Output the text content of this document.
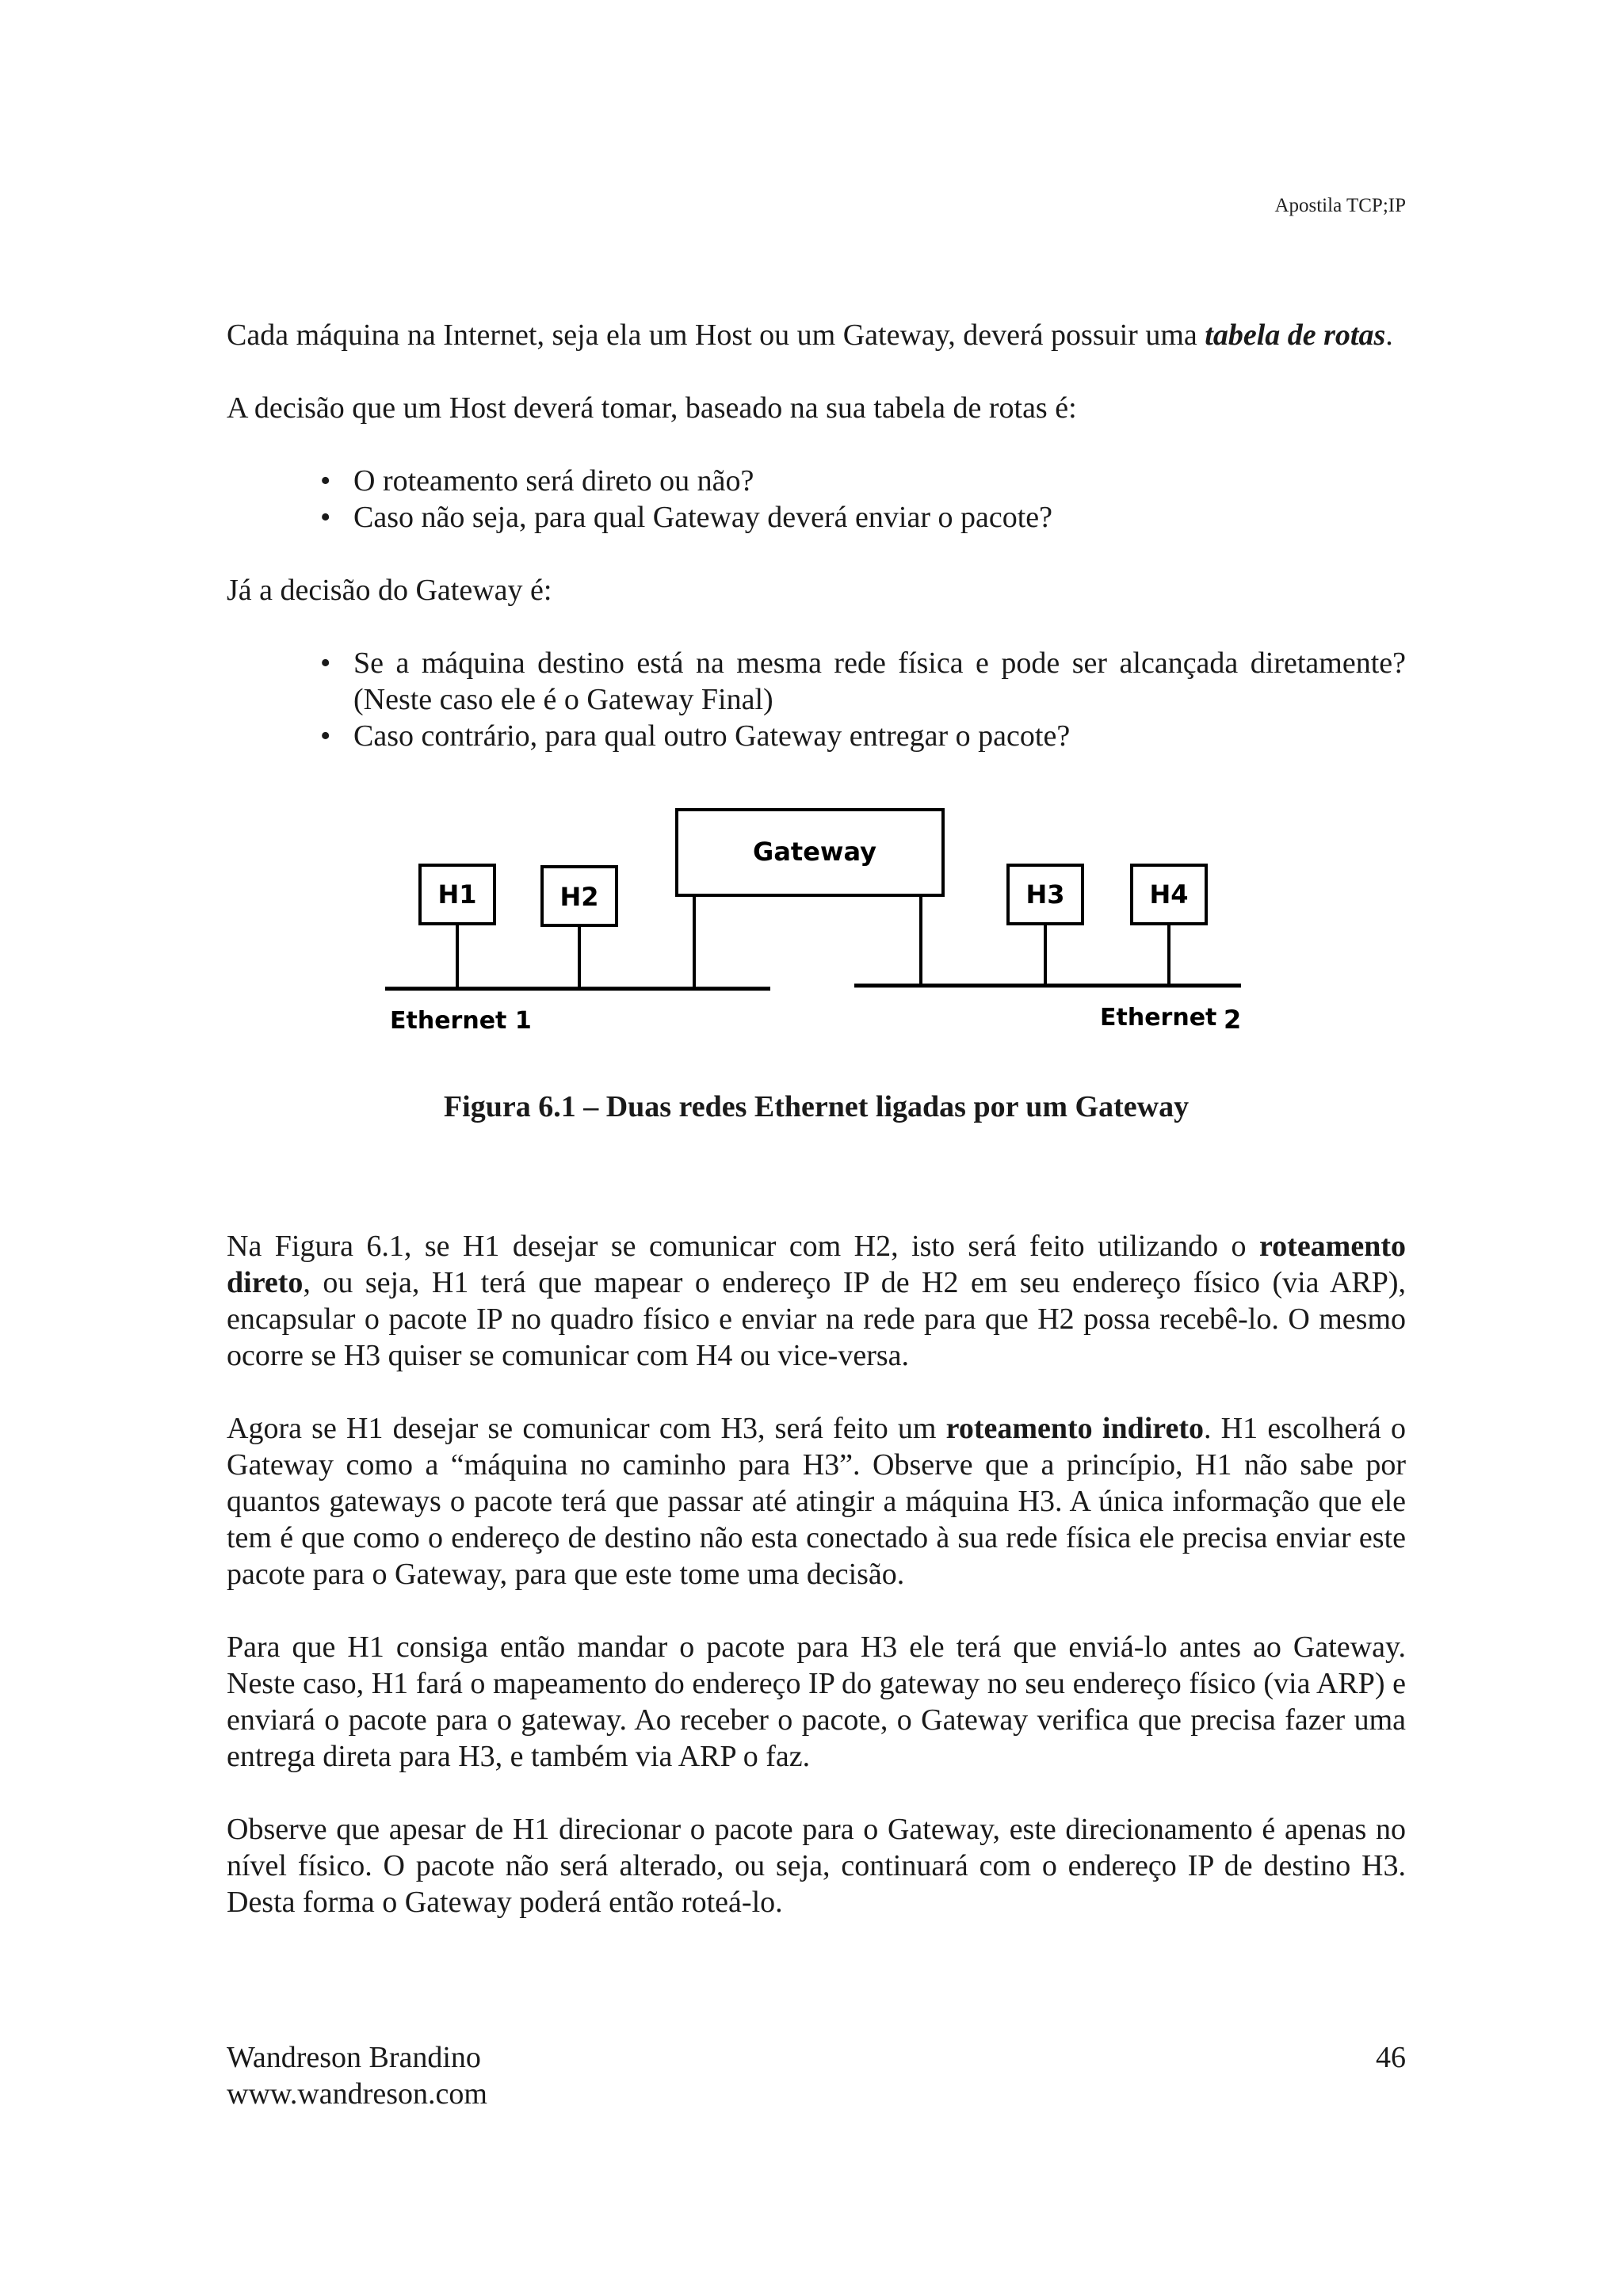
Apostila TCP;IP

Cada máquina na Internet, seja ela um Host ou um Gateway, deverá possuir uma tabela de rotas.

A decisão que um Host deverá tomar, baseado na sua tabela de rotas é:

• O roteamento será direto ou não?
• Caso não seja, para qual Gateway deverá enviar o pacote?

Já a decisão do Gateway é:

• Se a máquina destino está na mesma rede física e pode ser alcançada diretamente? (Neste caso ele é o Gateway Final)
• Caso contrário, para qual outro Gateway entregar o pacote?
H1	H2
Gateway
H3	H4
Ethernet 1	Ethernet 2

Figura 6.1 – Duas redes Ethernet ligadas por um Gateway

Na Figura 6.1, se H1 desejar se comunicar com H2, isto será feito utilizando o roteamento direto, ou seja, H1 terá que mapear o endereço IP de H2 em seu endereço físico (via ARP), encapsular o pacote IP no quadro físico e enviar na rede para que H2 possa recebê-lo. O mesmo ocorre se H3 quiser se comunicar com H4 ou vice-versa.

Agora se H1 desejar se comunicar com H3, será feito um roteamento indireto. H1 escolherá o Gateway como a “máquina no caminho para H3”. Observe que a princípio, H1 não sabe por quantos gateways o pacote terá que passar até atingir a máquina H3. A única informação que ele tem é que como o endereço de destino não esta conectado à sua rede física ele precisa enviar este pacote para o Gateway, para que este tome uma decisão.

Para que H1 consiga então mandar o pacote para H3 ele terá que enviá-lo antes ao Gateway. Neste caso, H1 fará o mapeamento do endereço IP do gateway no seu endereço físico (via ARP) e enviará o pacote para o gateway. Ao receber o pacote, o Gateway verifica que precisa fazer uma entrega direta para H3, e também via ARP o faz.

Observe que apesar de H1 direcionar o pacote para o Gateway, este direcionamento é apenas no nível físico. O pacote não será alterado, ou seja, continuará com o endereço IP de destino H3. Desta forma o Gateway poderá então roteá-lo.

Wandreson Brandino
www.wandreson.com
46
